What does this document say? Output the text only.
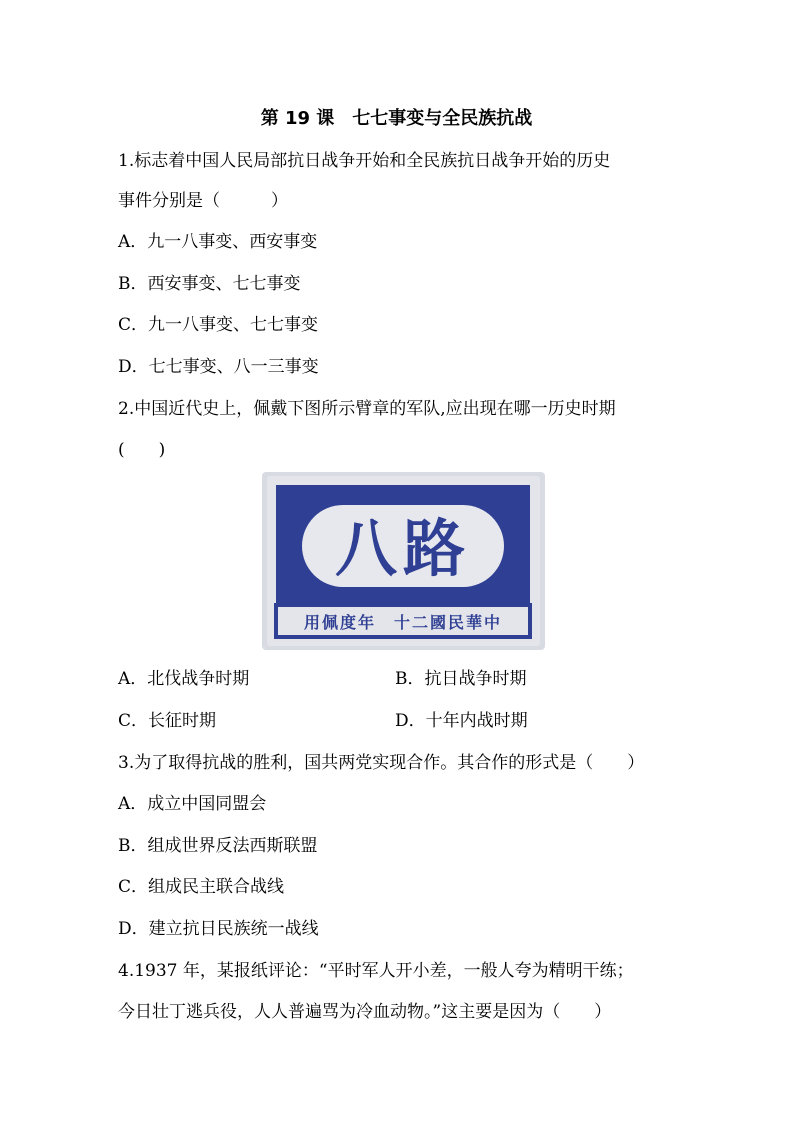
第 19 课　七七事变与全民族抗战
1.标志着中国人民局部抗日战争开始和全民族抗日战争开始的历史
事件分别是（　　　）
A．九一八事变、西安事变
B．西安事变、七七事变
C．九一八事变、七七事变
D．七七事变、八一三事变
2.中国近代史上，佩戴下图所示臂章的军队,应出现在哪一历史时期
(　　)
八路
用佩度年　十二國民華中
A．北伐战争时期	B．抗日战争时期
C．长征时期	D．十年内战时期
3.为了取得抗战的胜利，国共两党实现合作。其合作的形式是（　　）
A．成立中国同盟会
B．组成世界反法西斯联盟
C．组成民主联合战线
D．建立抗日民族统一战线
4.1937 年，某报纸评论：“平时军人开小差，一般人夸为精明干练；
今日壮丁逃兵役，人人普遍骂为冷血动物。”这主要是因为（　　）
